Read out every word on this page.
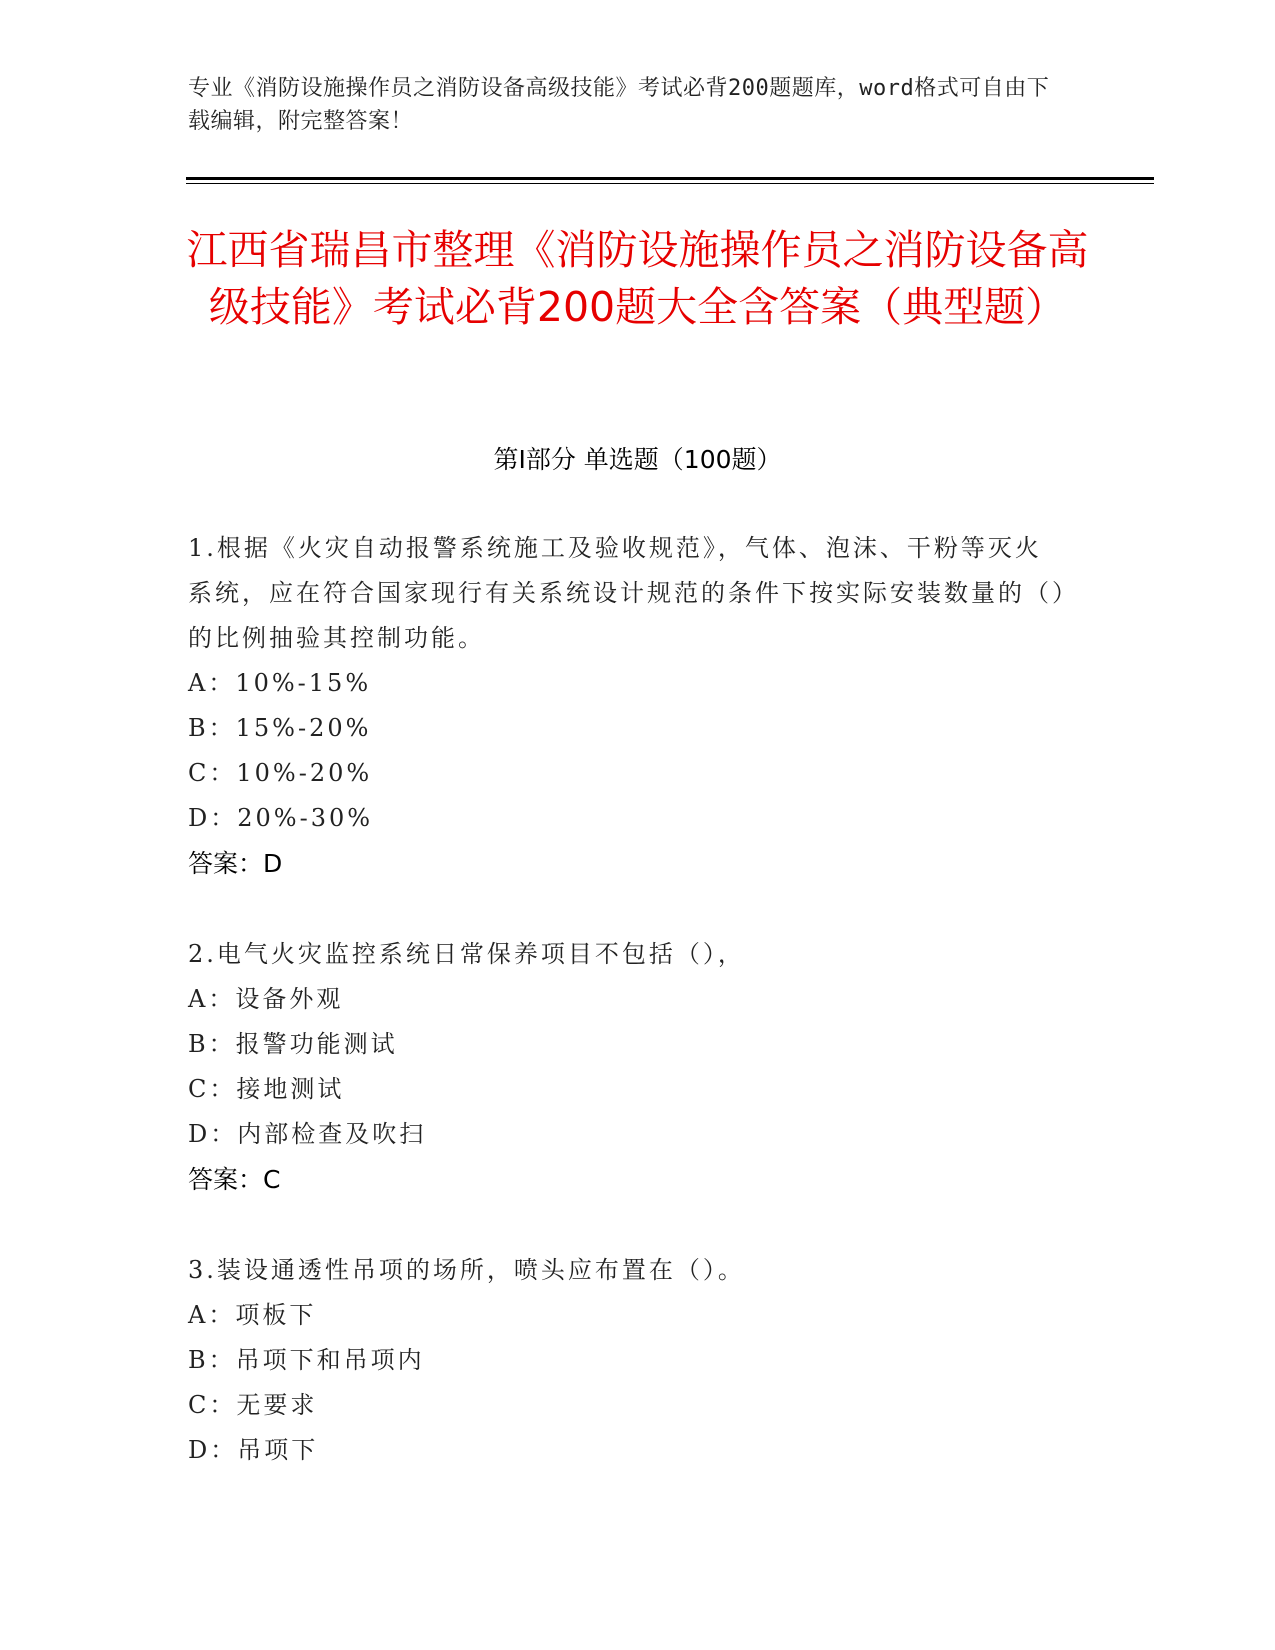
专业《消防设施操作员之消防设备高级技能》考试必背200题题库，word格式可自由下载编辑，附完整答案！
江西省瑞昌市整理《消防设施操作员之消防设备高级技能》考试必背200题大全含答案（典型题）
第I部分 单选题（100题）

1.根据《火灾自动报警系统施工及验收规范》，气体、泡沫、干粉等灭火系统，应在符合国家现行有关系统设计规范的条件下按实际安装数量的（）的比例抽验其控制功能。

A：10%-15%

B：15%-20%

C：10%-20%

D：20%-30%

答案：D

2.电气火灾监控系统日常保养项目不包括（），

A：设备外观

B：报警功能测试

C：接地测试

D：内部检查及吹扫

答案：C

3.装设通透性吊项的场所，喷头应布置在（）。

A：项板下

B：吊项下和吊项内

C：无要求

D：吊项下
